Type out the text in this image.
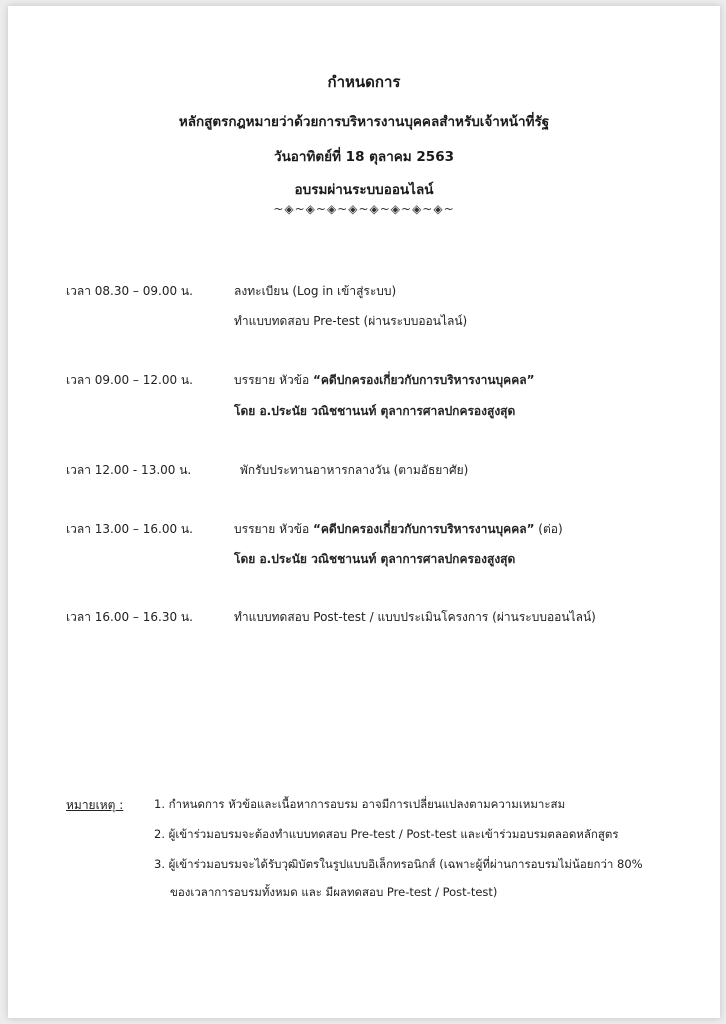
กำหนดการ
หลักสูตรกฎหมายว่าด้วยการบริหารงานบุคคลสำหรับเจ้าหน้าที่รัฐ
วันอาทิตย์ที่ 18 ตุลาคม 2563
อบรมผ่านระบบออนไลน์
~◈~◈~◈~◈~◈~◈~◈~◈~
เวลา 08.30 – 09.00 น.	ลงทะเบียน (Log in เข้าสู่ระบบ)
ทำแบบทดสอบ Pre-test (ผ่านระบบออนไลน์)
เวลา 09.00 – 12.00 น.	บรรยาย หัวข้อ “คดีปกครองเกี่ยวกับการบริหารงานบุคคล”
โดย อ.ประนัย วณิชชานนท์ ตุลาการศาลปกครองสูงสุด
เวลา 12.00 - 13.00 น.	พักรับประทานอาหารกลางวัน (ตามอัธยาศัย)
เวลา 13.00 – 16.00 น.	บรรยาย หัวข้อ “คดีปกครองเกี่ยวกับการบริหารงานบุคคล” (ต่อ)
โดย อ.ประนัย วณิชชานนท์ ตุลาการศาลปกครองสูงสุด
เวลา 16.00 – 16.30 น.	ทำแบบทดสอบ Post-test / แบบประเมินโครงการ (ผ่านระบบออนไลน์)
หมายเหตุ :	1. กำหนดการ หัวข้อและเนื้อหาการอบรม อาจมีการเปลี่ยนแปลงตามความเหมาะสม
2. ผู้เข้าร่วมอบรมจะต้องทำแบบทดสอบ Pre-test / Post-test และเข้าร่วมอบรมตลอดหลักสูตร
3. ผู้เข้าร่วมอบรมจะได้รับวุฒิบัตรในรูปแบบอิเล็กทรอนิกส์ (เฉพาะผู้ที่ผ่านการอบรมไม่น้อยกว่า 80%
ของเวลาการอบรมทั้งหมด และ มีผลทดสอบ Pre-test / Post-test)
